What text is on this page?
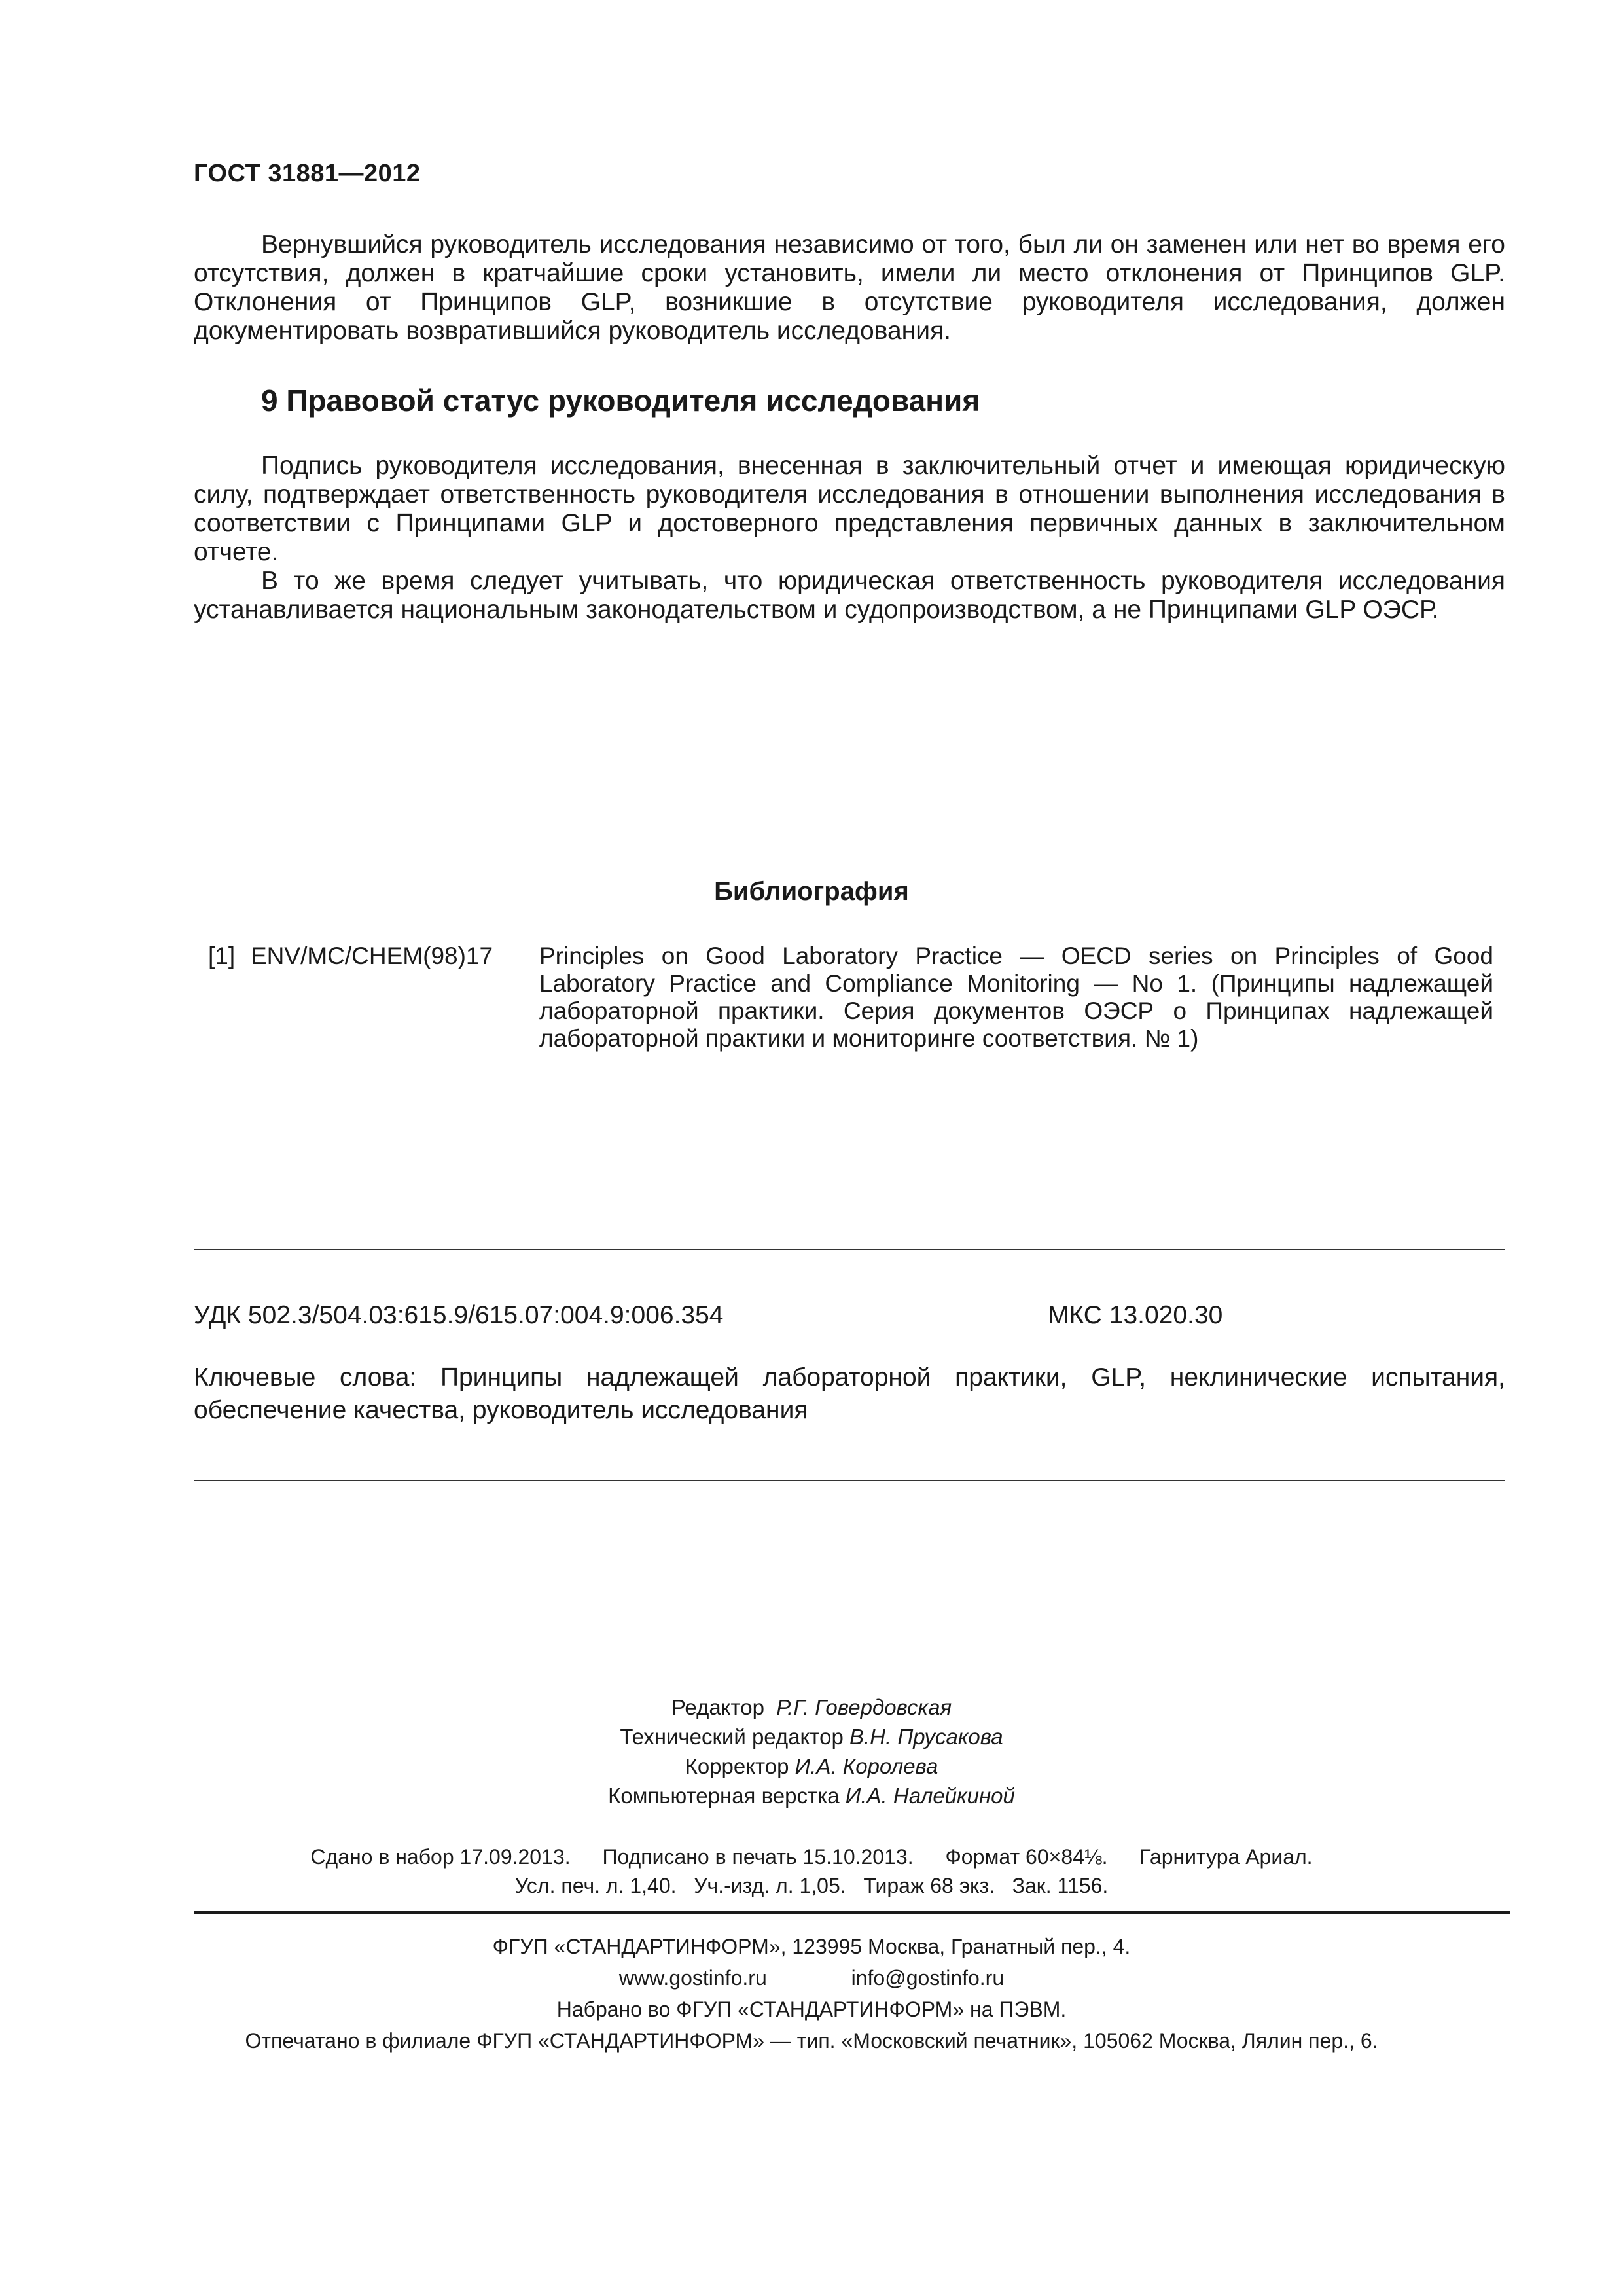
ГОСТ 31881—2012
Вернувшийся руководитель исследования независимо от того, был ли он заменен или нет во время его отсутствия, должен в кратчайшие сроки установить, имели ли место отклонения от Принципов GLP. Отклонения от Принципов GLP, возникшие в отсутствие руководителя исследования, должен документировать возвратившийся руководитель исследования.
9 Правовой статус руководителя исследования

Подпись руководителя исследования, внесенная в заключительный отчет и имеющая юридическую силу, подтверждает ответственность руководителя исследования в отношении выполнения исследования в соответствии с Принципами GLP и достоверного представления первичных данных в заключительном отчете.

В то же время следует учитывать, что юридическая ответственность руководителя исследования устанавливается национальным законодательством и судопроизводством, а не Принципами GLP ОЭСР.

Библиография
[1] ENV/MC/CHEM(98)17 Principles on Good Laboratory Practice — OECD series on Principles of Good Laboratory Practice and Compliance Monitoring — No 1. (Принципы надлежащей лабораторной практики. Серия документов ОЭСР о Принципах надлежащей лабораторной практики и мониторинге соответствия. № 1)
УДК 502.3/504.03:615.9/615.07:004.9:006.354	МКС 13.020.30
Ключевые слова: Принципы надлежащей лабораторной практики, GLP, неклинические испытания, обеспечение качества, руководитель исследования
Редактор Р.Г. Говердовская
Технический редактор В.Н. Прусакова
Корректор И.А. Королева
Компьютерная верстка И.А. Налейкиной
Сдано в набор 17.09.2013. Подписано в печать 15.10.2013. Формат 60×84⅛. Гарнитура Ариал.
Усл. печ. л. 1,40. Уч.-изд. л. 1,05. Тираж 68 экз. Зак. 1156.
ФГУП «СТАНДАРТИНФОРМ», 123995 Москва, Гранатный пер., 4.
www.gostinfo.ru	info@gostinfo.ru
Набрано во ФГУП «СТАНДАРТИНФОРМ» на ПЭВМ.
Отпечатано в филиале ФГУП «СТАНДАРТИНФОРМ» — тип. «Московский печатник», 105062 Москва, Лялин пер., 6.
